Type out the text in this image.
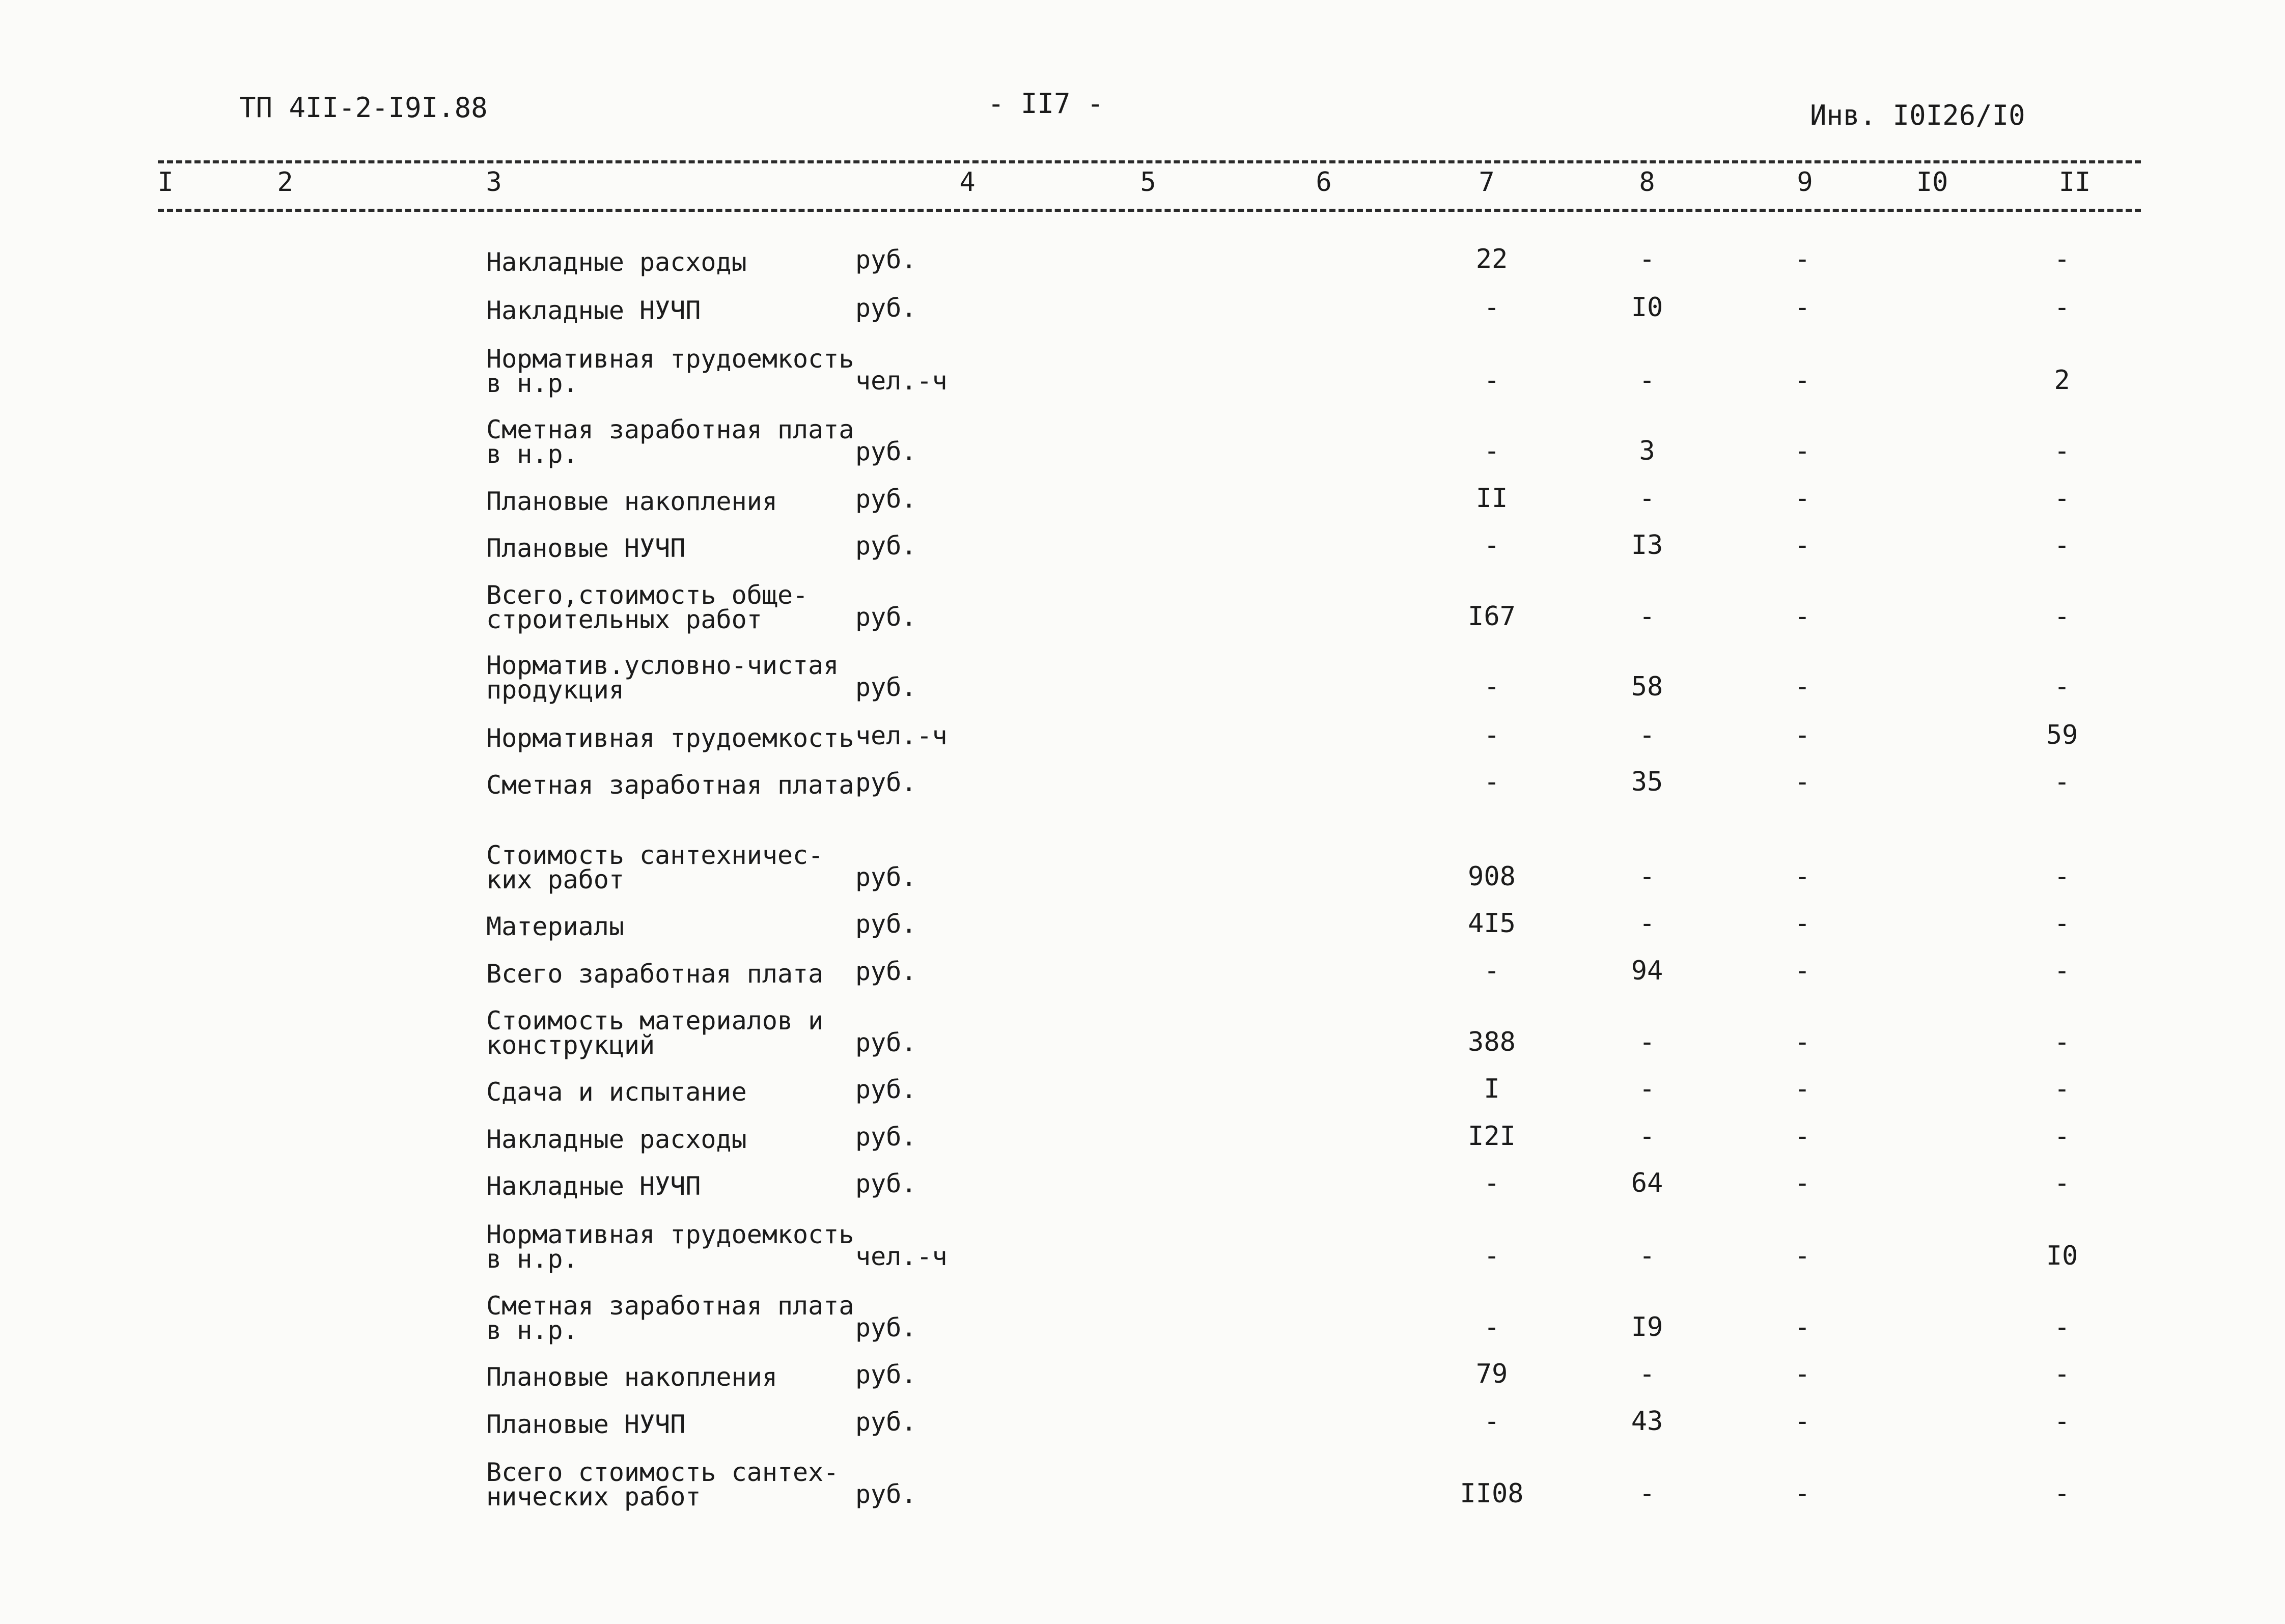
ТП 4II-2-I9I.88	- II7 -	Инв. I0I26/I0
I	2	3	4	5	6	7	8	9	I0	II
Накладные расходы	руб.	22	-	-	-
Накладные НУЧП	руб.	-	I0	-	-
Нормативная трудоемкость
в н.р.	чел.-ч	-	-	-	2
Сметная заработная плата
в н.р.	руб.	-	3	-	-
Плановые накопления	руб.	II	-	-	-
Плановые НУЧП	руб.	-	I3	-	-
Всего,стоимость обще-
строительных работ	руб.	I67	-	-	-
Норматив.условно-чистая
продукция	руб.	-	58	-	-
Нормативная трудоемкость чел.-ч	-	-	-	59
Сметная заработная плата руб.	-	35	-	-
Стоимость сантехничес-
ких работ	руб.	908	-	-	-
Материалы	руб.	4I5	-	-	-
Всего заработная плата	руб.	-	94	-	-
Стоимость материалов и
конструкций	руб.	388	-	-	-
Сдача и испытание	руб.	I	-	-	-
Накладные расходы	руб.	I2I	-	-	-
Накладные НУЧП	руб.	-	64	-	-
Нормативная трудоемкость
в н.р.	чел.-ч	-	-	-	I0
Сметная заработная плата
в н.р.	руб.	-	I9	-	-
Плановые накопления	руб.	79	-	-	-
Плановые НУЧП	руб.	-	43	-	-
Всего стоимость сантех-
нических работ	руб.	II08	-	-	-
